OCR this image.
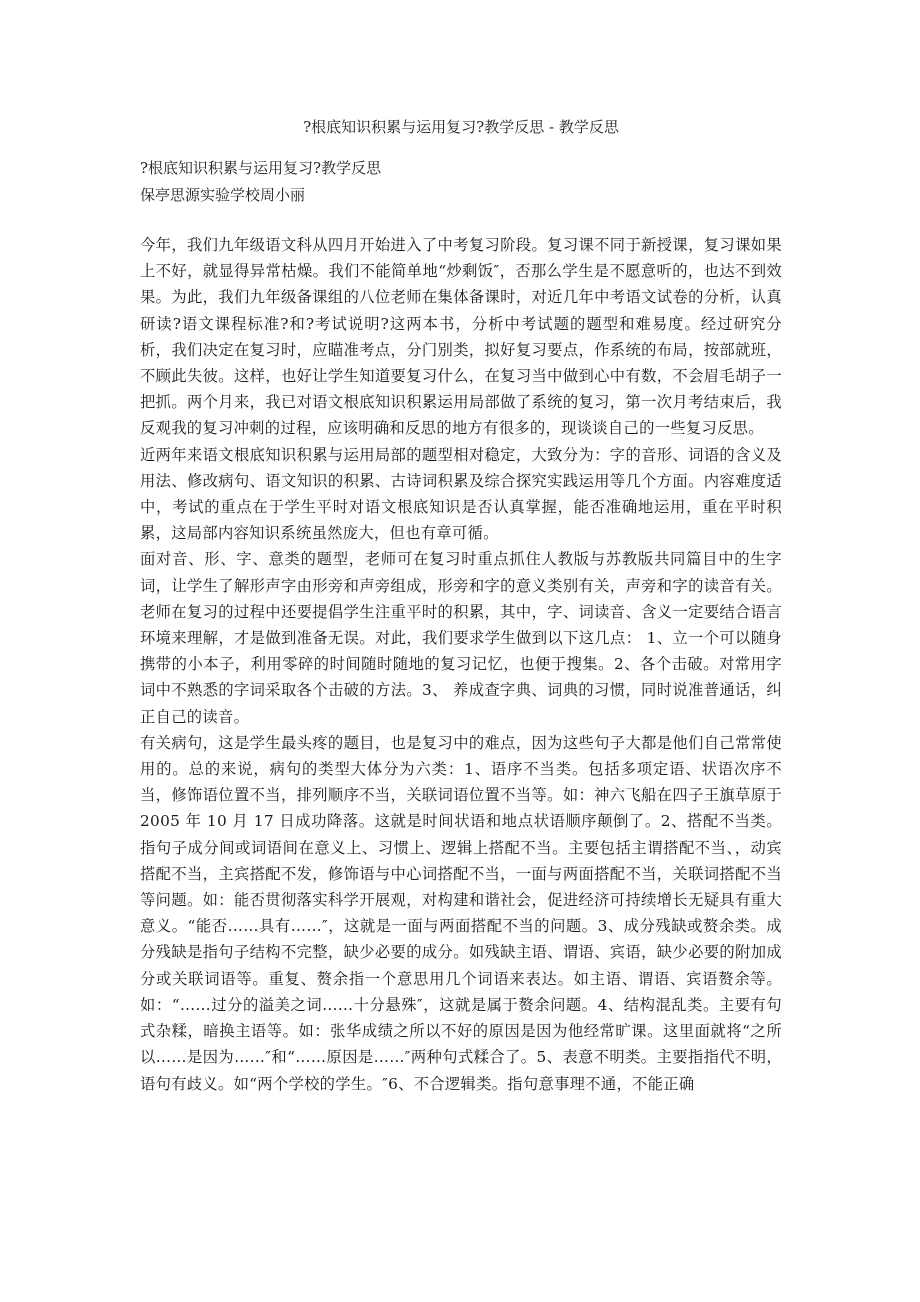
?根底知识积累与运用复习?教学反思 - 教学反思
?根底知识积累与运用复习?教学反思
保亭思源实验学校周小丽

今年，我们九年级语文科从四月开始进入了中考复习阶段。复习课不同于新授课，复习课如果上不好，就显得异常枯燥。我们不能简单地“炒剩饭″，否那么学生是不愿意听的，也达不到效果。为此，我们九年级备课组的八位老师在集体备课时，对近几年中考语文试卷的分析，认真研读?语文课程标准?和?考试说明?这两本书，分析中考试题的题型和难易度。经过研究分析，我们决定在复习时，应瞄准考点，分门别类，拟好复习要点，作系统的布局，按部就班，不顾此失彼。这样，也好让学生知道要复习什么，在复习当中做到心中有数，不会眉毛胡子一把抓。两个月来，我已对语文根底知识积累运用局部做了系统的复习，第一次月考结束后，我反观我的复习冲刺的过程，应该明确和反思的地方有很多的，现谈谈自己的一些复习反思。

近两年来语文根底知识积累与运用局部的题型相对稳定，大致分为：字的音形、词语的含义及用法、修改病句、语文知识的积累、古诗词积累及综合探究实践运用等几个方面。内容难度适中，考试的重点在于学生平时对语文根底知识是否认真掌握，能否准确地运用，重在平时积累，这局部内容知识系统虽然庞大，但也有章可循。

面对音、形、字、意类的题型，老师可在复习时重点抓住人教版与苏教版共同篇目中的生字词，让学生了解形声字由形旁和声旁组成，形旁和字的意义类别有关，声旁和字的读音有关。老师在复习的过程中还要提倡学生注重平时的积累，其中，字、词读音、含义一定要结合语言环境来理解，才是做到准备无误。对此，我们要求学生做到以下这几点： 1、立一个可以随身携带的小本子，利用零碎的时间随时随地的复习记忆，也便于搜集。2、各个击破。对常用字词中不熟悉的字词采取各个击破的方法。3、 养成查字典、词典的习惯，同时说准普通话，纠正自己的读音。

有关病句，这是学生最头疼的题目，也是复习中的难点，因为这些句子大都是他们自己常常使用的。总的来说，病句的类型大体分为六类：1、语序不当类。包括多项定语、状语次序不当，修饰语位置不当，排列顺序不当，关联词语位置不当等。如：神六飞船在四子王旗草原于 2005 年 10 月 17 日成功降落。这就是时间状语和地点状语顺序颠倒了。2、搭配不当类。指句子成分间或词语间在意义上、习惯上、逻辑上搭配不当。主要包括主谓搭配不当、，动宾搭配不当，主宾搭配不发，修饰语与中心词搭配不当，一面与两面搭配不当，关联词搭配不当等问题。如：能否贯彻落实科学开展观，对构建和谐社会，促进经济可持续增长无疑具有重大意义。“能否……具有……″，这就是一面与两面搭配不当的问题。3、成分残缺或赘余类。成分残缺是指句子结构不完整，缺少必要的成分。如残缺主语、谓语、宾语，缺少必要的附加成分或关联词语等。重复、赘余指一个意思用几个词语来表达。如主语、谓语、宾语赘余等。如：“……过分的溢美之词……十分悬殊″，这就是属于赘余问题。4、结构混乱类。主要有句式杂糅，暗换主语等。如：张华成绩之所以不好的原因是因为他经常旷课。这里面就将“之所以……是因为……″和“……原因是……″两种句式糅合了。5、表意不明类。主要指指代不明，语句有歧义。如“两个学校的学生。″6、不合逻辑类。指句意事理不通，不能正确
